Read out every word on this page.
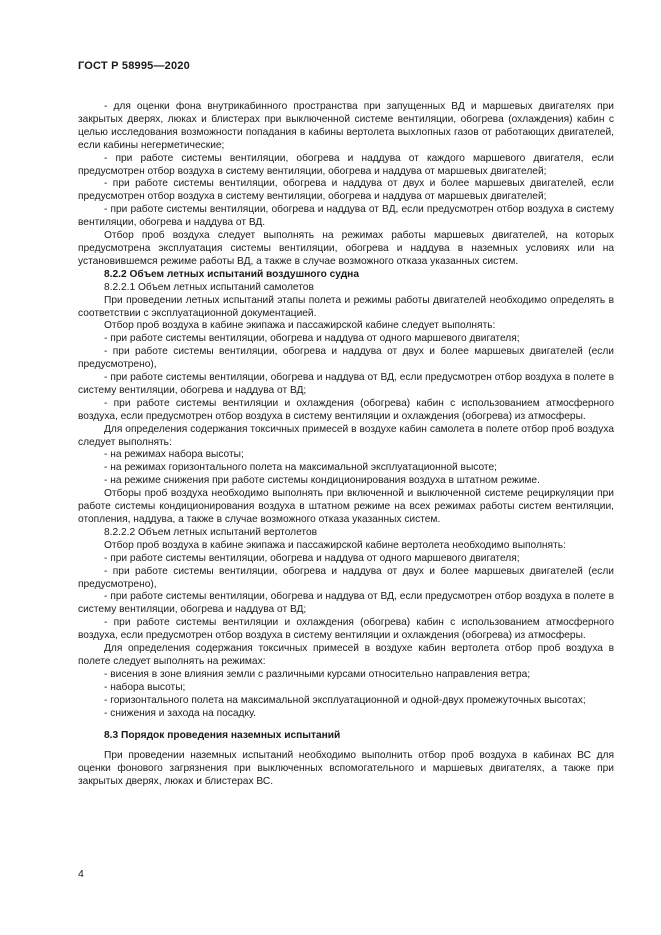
ГОСТ Р 58995—2020

- для оценки фона внутрикабинного пространства при запущенных ВД и маршевых двигателях при закрытых дверях, люках и блистерах при выключенной системе вентиляции, обогрева (охлаждения) кабин с целью исследования возможности попадания в кабины вертолета выхлопных газов от работающих двигателей, если кабины негерметические;

- при работе системы вентиляции, обогрева и наддува от каждого маршевого двигателя, если предусмотрен отбор воздуха в систему вентиляции, обогрева и наддува от маршевых двигателей;

- при работе системы вентиляции, обогрева и наддува от двух и более маршевых двигателей, если предусмотрен отбор воздуха в систему вентиляции, обогрева и наддува от маршевых двигателей;

- при работе системы вентиляции, обогрева и наддува от ВД, если предусмотрен отбор воздуха в систему вентиляции, обогрева и наддува от ВД.

Отбор проб воздуха следует выполнять на режимах работы маршевых двигателей, на которых предусмотрена эксплуатация системы вентиляции, обогрева и наддува в наземных условиях или на установившемся режиме работы ВД, а также в случае возможного отказа указанных систем.

8.2.2 Объем летных испытаний воздушного судна

8.2.2.1 Объем летных испытаний самолетов

При проведении летных испытаний этапы полета и режимы работы двигателей необходимо определять в соответствии с эксплуатационной документацией.

Отбор проб воздуха в кабине экипажа и пассажирской кабине следует выполнять:

- при работе системы вентиляции, обогрева и наддува от одного маршевого двигателя;

- при работе системы вентиляции, обогрева и наддува от двух и более маршевых двигателей (если предусмотрено),

- при работе системы вентиляции, обогрева и наддува от ВД, если предусмотрен отбор воздуха в полете в систему вентиляции, обогрева и наддува от ВД;

- при работе системы вентиляции и охлаждения (обогрева) кабин с использованием атмосферного воздуха, если предусмотрен отбор воздуха в систему вентиляции и охлаждения (обогрева) из атмосферы.

Для определения содержания токсичных примесей в воздухе кабин самолета в полете отбор проб воздуха следует выполнять:

- на режимах набора высоты;

- на режимах горизонтального полета на максимальной эксплуатационной высоте;

- на режиме снижения при работе системы кондиционирования воздуха в штатном режиме.

Отборы проб воздуха необходимо выполнять при включенной и выключенной системе рециркуляции при работе системы кондиционирования воздуха в штатном режиме на всех режимах работы систем вентиляции, отопления, наддува, а также в случае возможного отказа указанных систем.

8.2.2.2 Объем летных испытаний вертолетов

Отбор проб воздуха в кабине экипажа и пассажирской кабине вертолета необходимо выполнять:

- при работе системы вентиляции, обогрева и наддува от одного маршевого двигателя;

- при работе системы вентиляции, обогрева и наддува от двух и более маршевых двигателей (если предусмотрено),

- при работе системы вентиляции, обогрева и наддува от ВД, если предусмотрен отбор воздуха в полете в систему вентиляции, обогрева и наддува от ВД;

- при работе системы вентиляции и охлаждения (обогрева) кабин с использованием атмосферного воздуха, если предусмотрен отбор воздуха в систему вентиляции и охлаждения (обогрева) из атмосферы.

Для определения содержания токсичных примесей в воздухе кабин вертолета отбор проб воздуха в полете следует выполнять на режимах:

- висения в зоне влияния земли с различными курсами относительно направления ветра;

- набора высоты;

- горизонтального полета на максимальной эксплуатационной и одной-двух промежуточных высотах;

- снижения и захода на посадку.

8.3 Порядок проведения наземных испытаний

При проведении наземных испытаний необходимо выполнить отбор проб воздуха в кабинах ВС для оценки фонового загрязнения при выключенных вспомогательного и маршевых двигателях, а также при закрытых дверях, люках и блистерах ВС.

4
